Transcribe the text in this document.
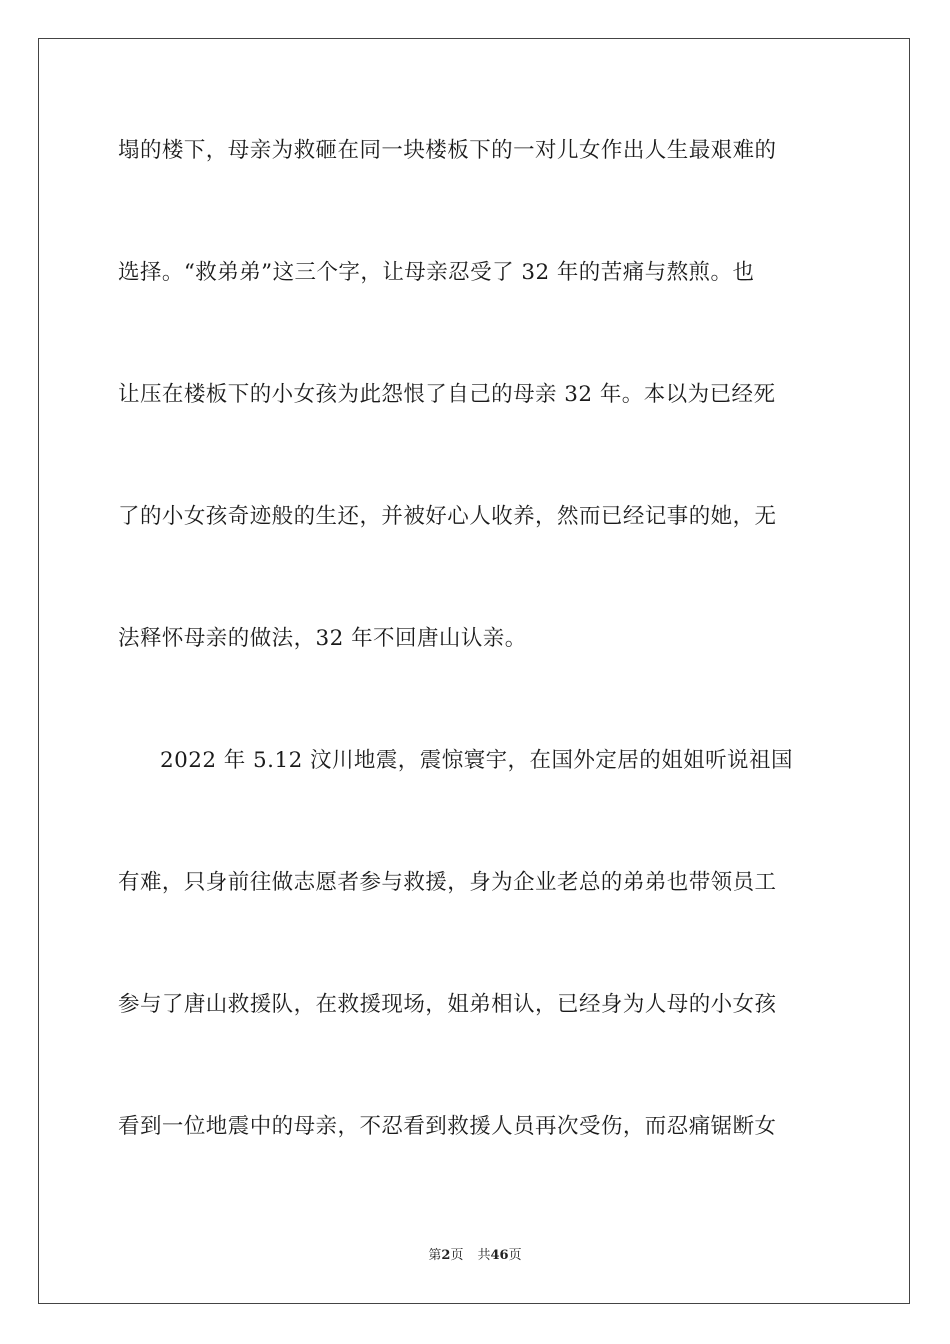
塌的楼下，母亲为救砸在同一块楼板下的一对儿女作出人生最艰难的
选择。“救弟弟”这三个字，让母亲忍受了 32 年的苦痛与熬煎。也
让压在楼板下的小女孩为此怨恨了自己的母亲 32 年。本以为已经死
了的小女孩奇迹般的生还，并被好心人收养，然而已经记事的她，无
法释怀母亲的做法，32 年不回唐山认亲。
2022 年 5.12 汶川地震，震惊寰宇，在国外定居的姐姐听说祖国
有难，只身前往做志愿者参与救援，身为企业老总的弟弟也带领员工
参与了唐山救援队，在救援现场，姐弟相认，已经身为人母的小女孩
看到一位地震中的母亲，不忍看到救援人员再次受伤，而忍痛锯断女
第2页 共46页
